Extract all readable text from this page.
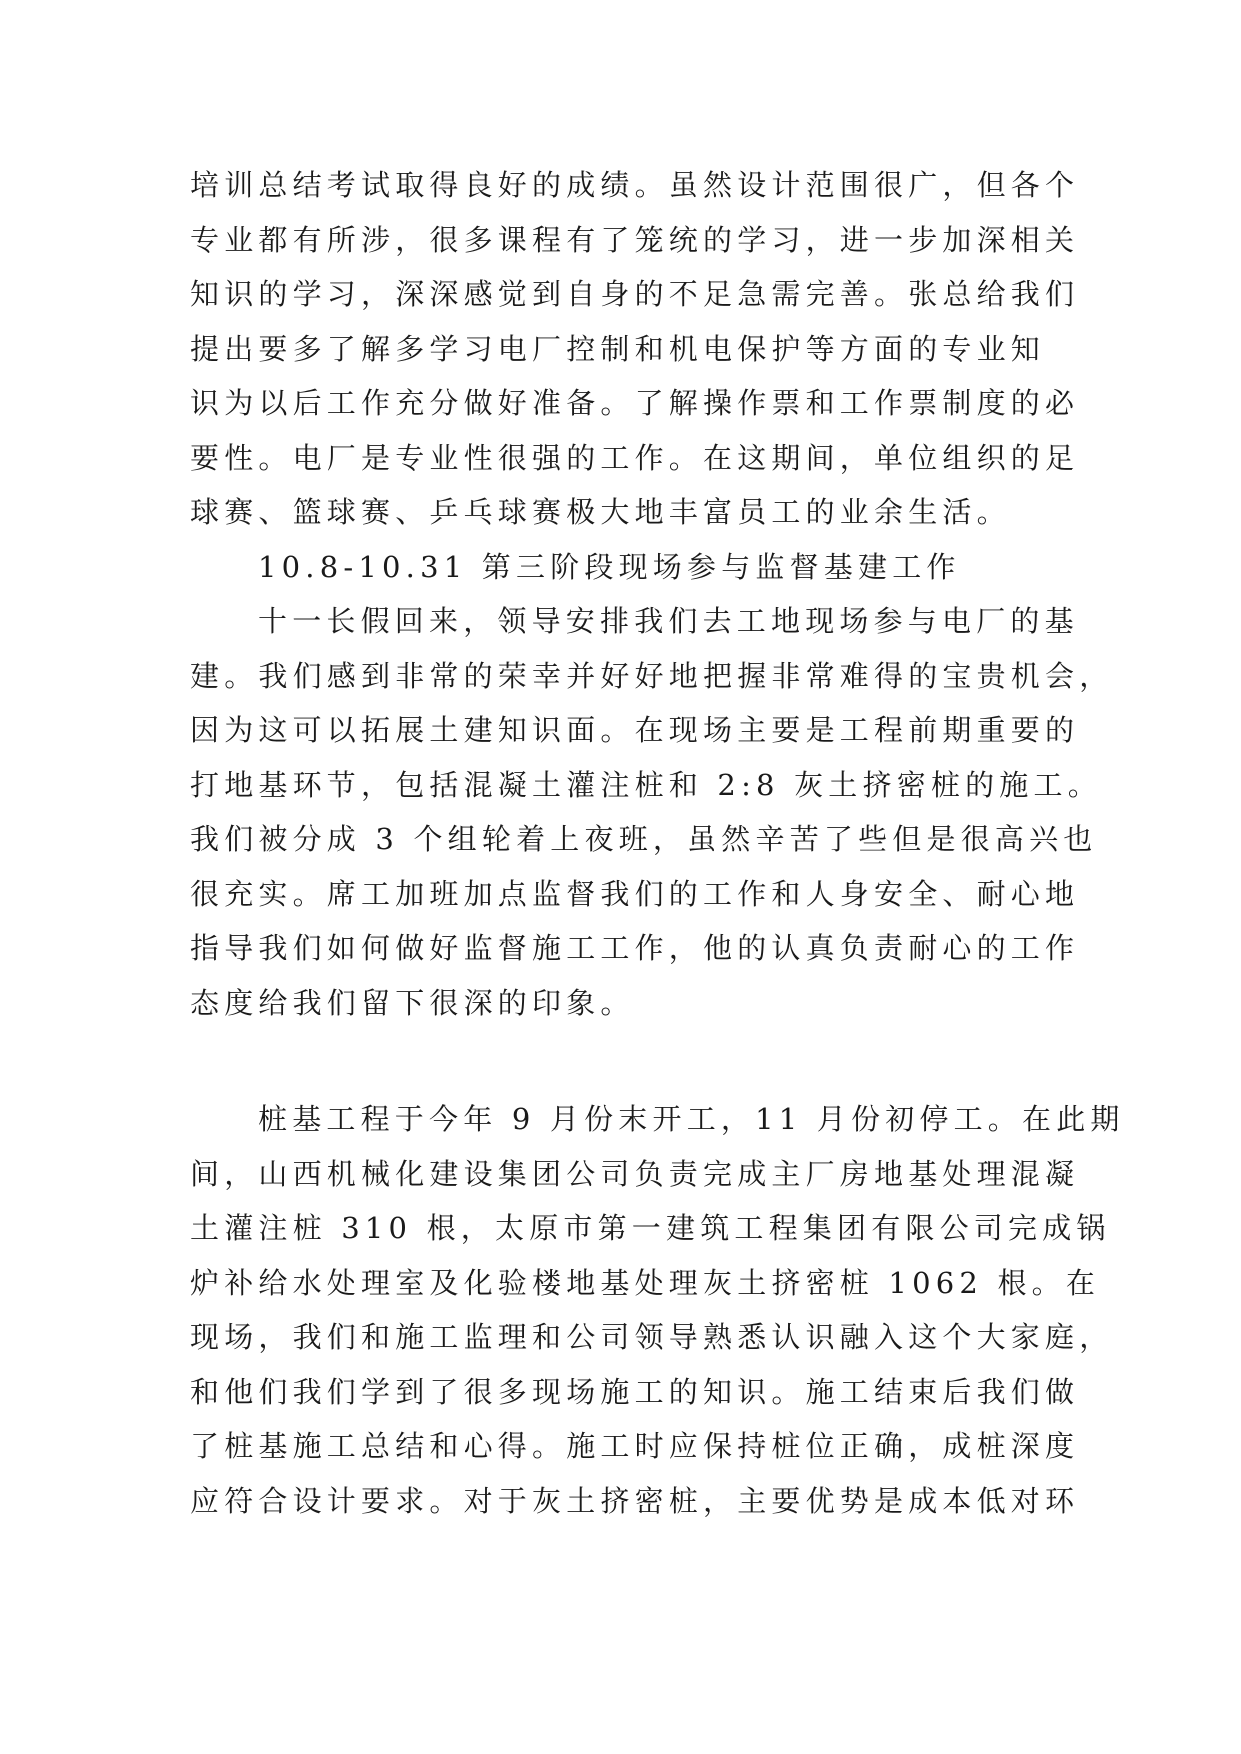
培训总结考试取得良好的成绩。虽然设计范围很广，但各个
专业都有所涉，很多课程有了笼统的学习，进一步加深相关
知识的学习，深深感觉到自身的不足急需完善。张总给我们
提出要多了解多学习电厂控制和机电保护等方面的专业知
识为以后工作充分做好准备。了解操作票和工作票制度的必
要性。电厂是专业性很强的工作。在这期间，单位组织的足
球赛、篮球赛、乒乓球赛极大地丰富员工的业余生活。
10.8-10.31 第三阶段现场参与监督基建工作
十一长假回来，领导安排我们去工地现场参与电厂的基
建。我们感到非常的荣幸并好好地把握非常难得的宝贵机会，
因为这可以拓展土建知识面。在现场主要是工程前期重要的
打地基环节，包括混凝土灌注桩和 2:8 灰土挤密桩的施工。
我们被分成 3 个组轮着上夜班，虽然辛苦了些但是很高兴也
很充实。席工加班加点监督我们的工作和人身安全、耐心地
指导我们如何做好监督施工工作，他的认真负责耐心的工作
态度给我们留下很深的印象。
桩基工程于今年 9 月份末开工，11 月份初停工。在此期
间，山西机械化建设集团公司负责完成主厂房地基处理混凝
土灌注桩 310 根，太原市第一建筑工程集团有限公司完成锅
炉补给水处理室及化验楼地基处理灰土挤密桩 1062 根。在
现场，我们和施工监理和公司领导熟悉认识融入这个大家庭，
和他们我们学到了很多现场施工的知识。施工结束后我们做
了桩基施工总结和心得。施工时应保持桩位正确，成桩深度
应符合设计要求。对于灰土挤密桩，主要优势是成本低对环
